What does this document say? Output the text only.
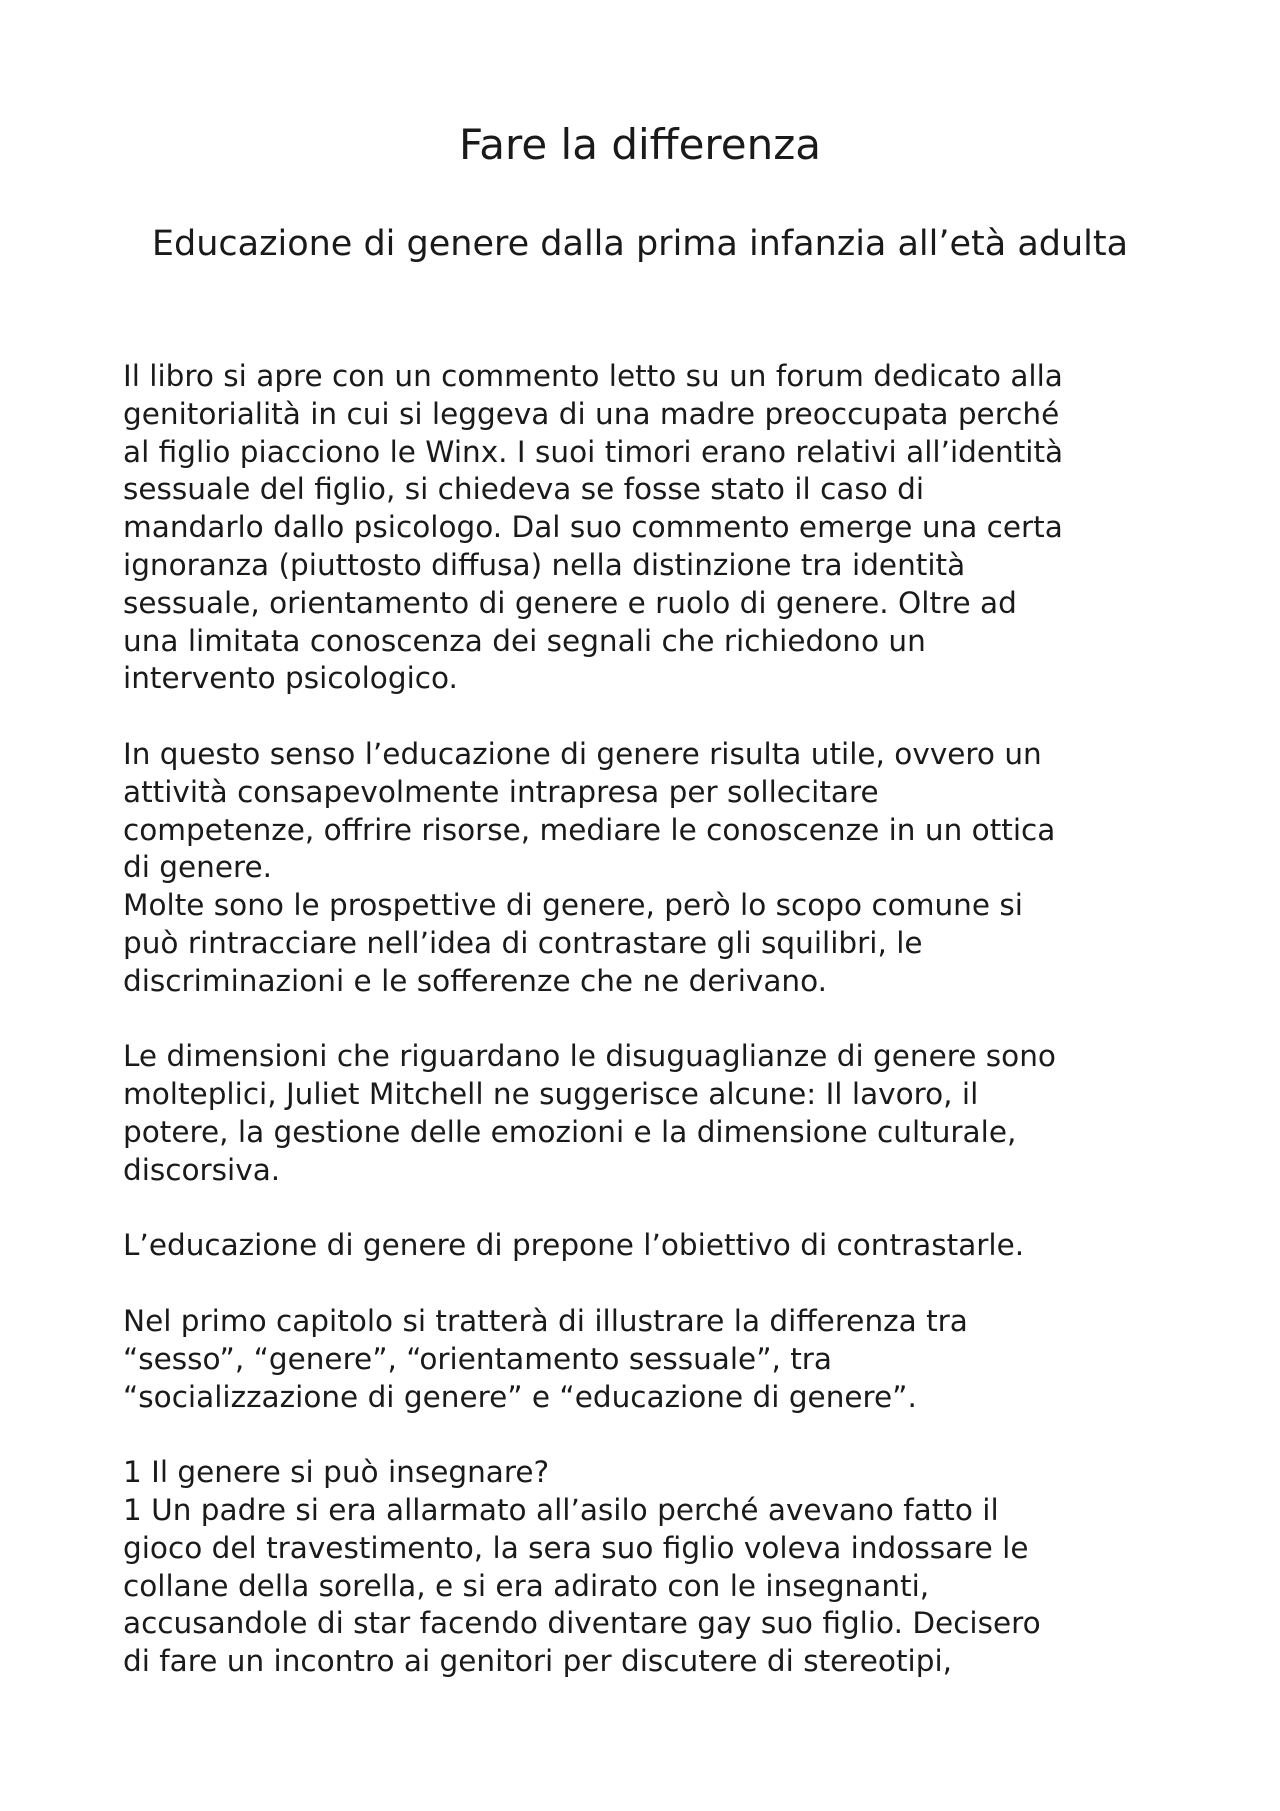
Fare la differenza
Educazione di genere dalla prima infanzia all’età adulta

Il libro si apre con un commento letto su un forum dedicato alla
genitorialità in cui si leggeva di una madre preoccupata perché
al figlio piacciono le Winx. I suoi timori erano relativi all’identità
sessuale del figlio, si chiedeva se fosse stato il caso di
mandarlo dallo psicologo. Dal suo commento emerge una certa
ignoranza (piuttosto diffusa) nella distinzione tra identità
sessuale, orientamento di genere e ruolo di genere. Oltre ad
una limitata conoscenza dei segnali che richiedono un
intervento psicologico.

In questo senso l’educazione di genere risulta utile, ovvero un
attività consapevolmente intrapresa per sollecitare
competenze, offrire risorse, mediare le conoscenze in un ottica
di genere.
Molte sono le prospettive di genere, però lo scopo comune si
può rintracciare nell’idea di contrastare gli squilibri, le
discriminazioni e le sofferenze che ne derivano.

Le dimensioni che riguardano le disuguaglianze di genere sono
molteplici, Juliet Mitchell ne suggerisce alcune: Il lavoro, il
potere, la gestione delle emozioni e la dimensione culturale,
discorsiva.

L’educazione di genere di prepone l’obiettivo di contrastarle.

Nel primo capitolo si tratterà di illustrare la differenza tra
“sesso”, “genere”, “orientamento sessuale”, tra
“socializzazione di genere” e “educazione di genere”.

1 Il genere si può insegnare?
1 Un padre si era allarmato all’asilo perché avevano fatto il
gioco del travestimento, la sera suo figlio voleva indossare le
collane della sorella, e si era adirato con le insegnanti,
accusandole di star facendo diventare gay suo figlio. Decisero
di fare un incontro ai genitori per discutere di stereotipi,
